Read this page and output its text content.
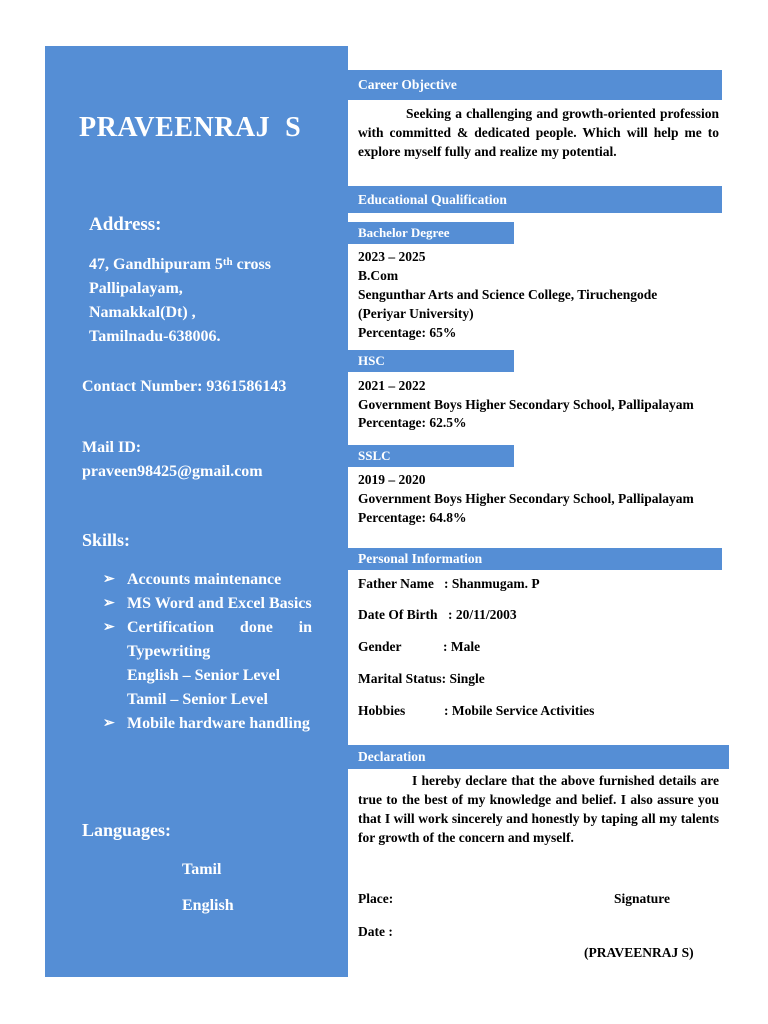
PRAVEENRAJ  S
Address:
47, Gandhipuram 5th cross
Pallipalayam,
Namakkal(Dt) ,
Tamilnadu-638006.
Contact Number: 9361586143
Mail ID:
praveen98425@gmail.com
Skills:
➢ Accounts maintenance
➢ MS Word and Excel Basics
➢ Certification done in Typewriting
English – Senior Level
Tamil – Senior Level
➢ Mobile hardware handling
Languages:
Tamil
English
Career Objective
Seeking a challenging and growth-oriented profession with committed & dedicated people. Which will help me to explore myself fully and realize my potential.
Educational Qualification
Bachelor Degree
2023 – 2025
B.Com
Sengunthar Arts and Science College, Tiruchengode
(Periyar University)
Percentage: 65%
HSC
2021 – 2022
Government Boys Higher Secondary School, Pallipalayam
Percentage: 62.5%
SSLC
2019 – 2020
Government Boys Higher Secondary School, Pallipalayam
Percentage: 64.8%
Personal Information
Father Name : Shanmugam. P
Date Of Birth : 20/11/2003
Gender	: Male
Marital Status: Single
Hobbies	: Mobile Service Activities
Declaration
I hereby declare that the above furnished details are true to the best of my knowledge and belief. I also assure you that I will work sincerely and honestly by taping all my talents for growth of the concern and myself.
Place:	Signature
Date :
(PRAVEENRAJ S)
